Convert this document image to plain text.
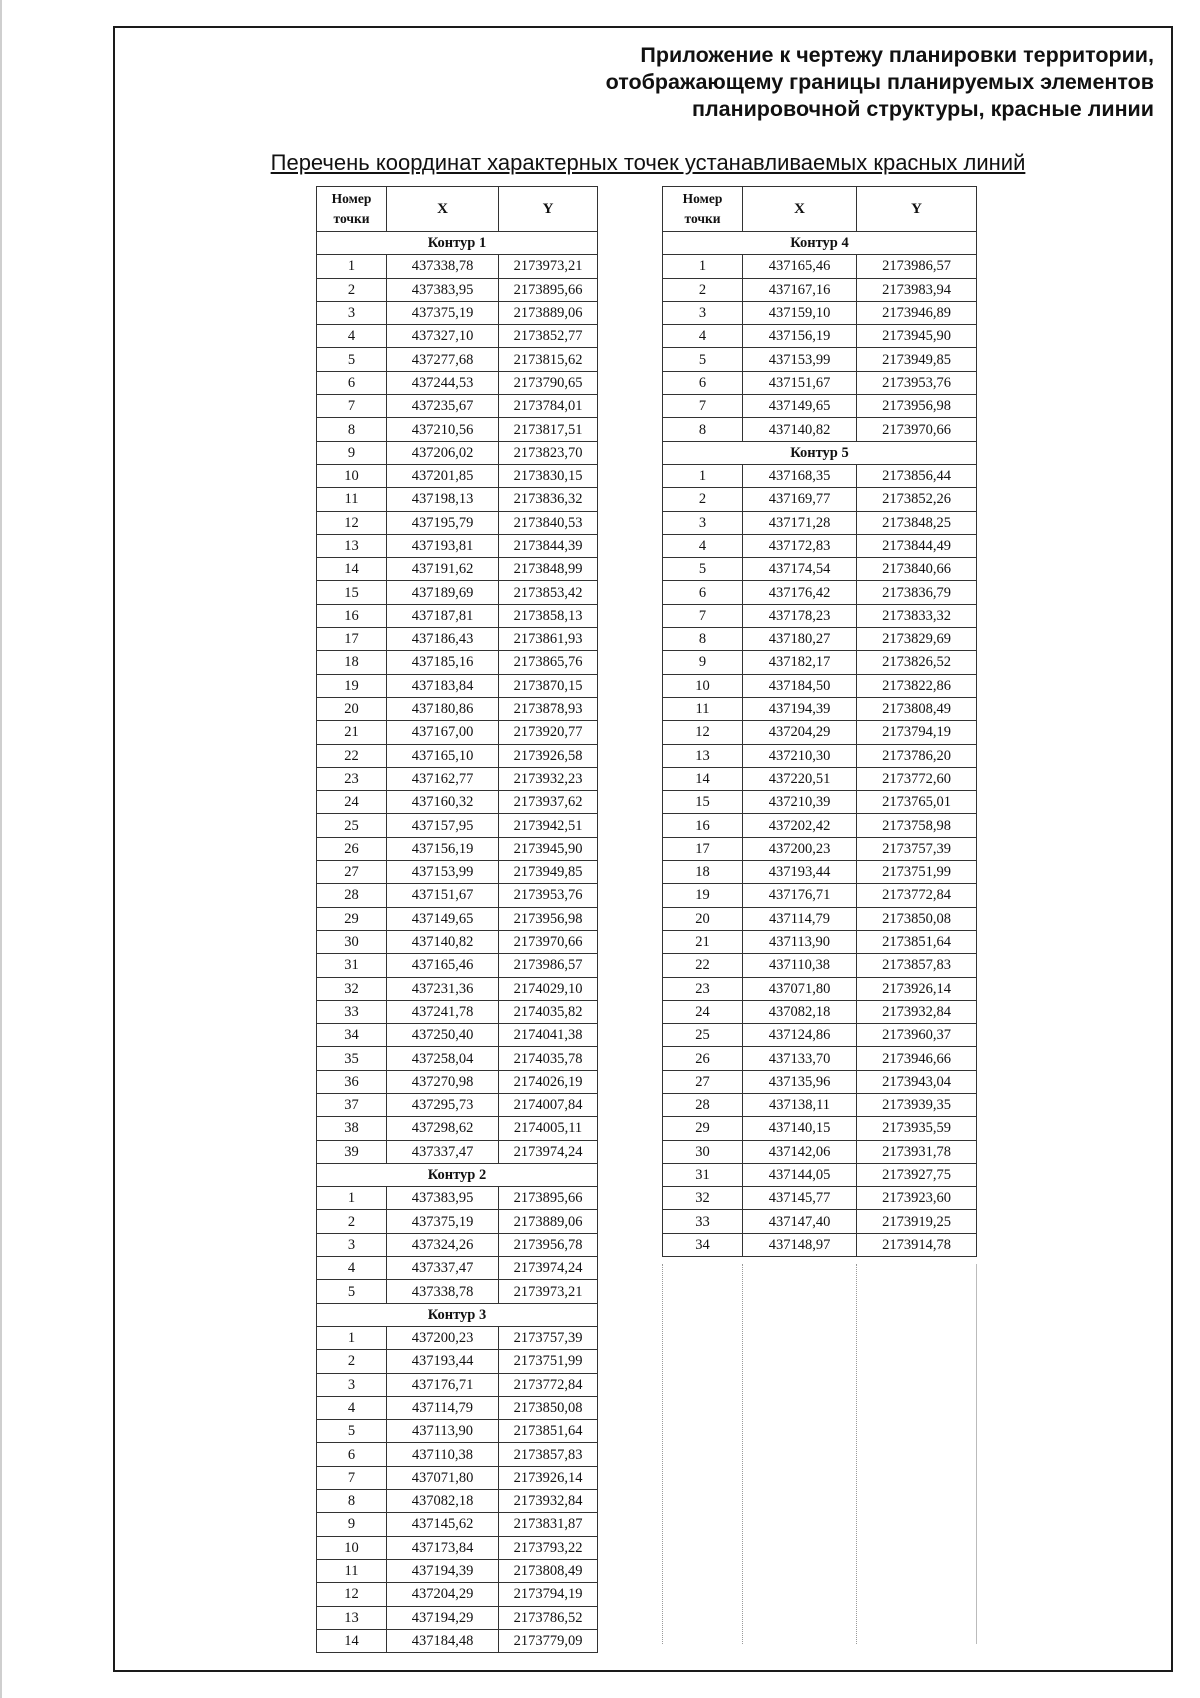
Приложение к чертежу планировки территории,
отображающему границы планируемых элементов
планировочной структуры, красные линии
Перечень координат характерных точек устанавливаемых красных линий
Номер
точки	X	Y
Контур 1		
1	437338,78	2173973,21
2	437383,95	2173895,66
3	437375,19	2173889,06
4	437327,10	2173852,77
5	437277,68	2173815,62
6	437244,53	2173790,65
7	437235,67	2173784,01
8	437210,56	2173817,51
9	437206,02	2173823,70
10	437201,85	2173830,15
11	437198,13	2173836,32
12	437195,79	2173840,53
13	437193,81	2173844,39
14	437191,62	2173848,99
15	437189,69	2173853,42
16	437187,81	2173858,13
17	437186,43	2173861,93
18	437185,16	2173865,76
19	437183,84	2173870,15
20	437180,86	2173878,93
21	437167,00	2173920,77
22	437165,10	2173926,58
23	437162,77	2173932,23
24	437160,32	2173937,62
25	437157,95	2173942,51
26	437156,19	2173945,90
27	437153,99	2173949,85
28	437151,67	2173953,76
29	437149,65	2173956,98
30	437140,82	2173970,66
31	437165,46	2173986,57
32	437231,36	2174029,10
33	437241,78	2174035,82
34	437250,40	2174041,38
35	437258,04	2174035,78
36	437270,98	2174026,19
37	437295,73	2174007,84
38	437298,62	2174005,11
39	437337,47	2173974,24
Контур 2		
1	437383,95	2173895,66
2	437375,19	2173889,06
3	437324,26	2173956,78
4	437337,47	2173974,24
5	437338,78	2173973,21
Контур 3		
1	437200,23	2173757,39
2	437193,44	2173751,99
3	437176,71	2173772,84
4	437114,79	2173850,08
5	437113,90	2173851,64
6	437110,38	2173857,83
7	437071,80	2173926,14
8	437082,18	2173932,84
9	437145,62	2173831,87
10	437173,84	2173793,22
11	437194,39	2173808,49
12	437204,29	2173794,19
13	437194,29	2173786,52
14	437184,48	2173779,09
Номер
точки	X	Y
Контур 4		
1	437165,46	2173986,57
2	437167,16	2173983,94
3	437159,10	2173946,89
4	437156,19	2173945,90
5	437153,99	2173949,85
6	437151,67	2173953,76
7	437149,65	2173956,98
8	437140,82	2173970,66
Контур 5		
1	437168,35	2173856,44
2	437169,77	2173852,26
3	437171,28	2173848,25
4	437172,83	2173844,49
5	437174,54	2173840,66
6	437176,42	2173836,79
7	437178,23	2173833,32
8	437180,27	2173829,69
9	437182,17	2173826,52
10	437184,50	2173822,86
11	437194,39	2173808,49
12	437204,29	2173794,19
13	437210,30	2173786,20
14	437220,51	2173772,60
15	437210,39	2173765,01
16	437202,42	2173758,98
17	437200,23	2173757,39
18	437193,44	2173751,99
19	437176,71	2173772,84
20	437114,79	2173850,08
21	437113,90	2173851,64
22	437110,38	2173857,83
23	437071,80	2173926,14
24	437082,18	2173932,84
25	437124,86	2173960,37
26	437133,70	2173946,66
27	437135,96	2173943,04
28	437138,11	2173939,35
29	437140,15	2173935,59
30	437142,06	2173931,78
31	437144,05	2173927,75
32	437145,77	2173923,60
33	437147,40	2173919,25
34	437148,97	2173914,78
